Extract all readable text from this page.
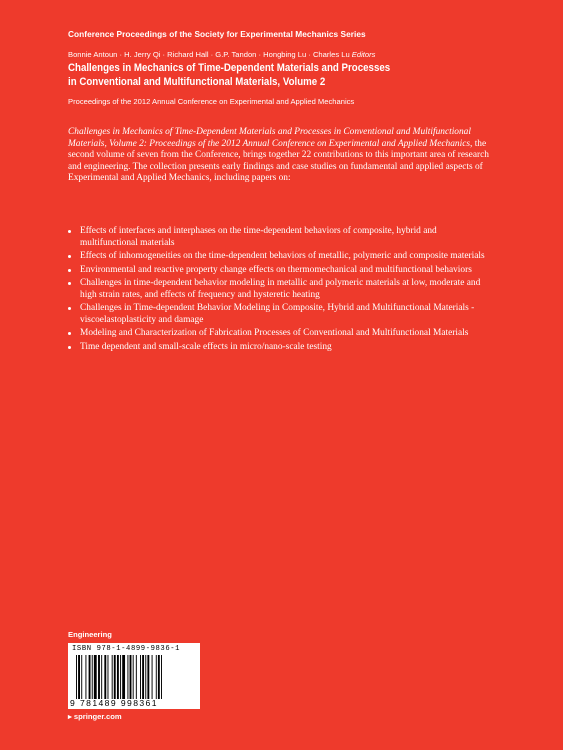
Conference Proceedings of the Society for Experimental Mechanics Series
Bonnie Antoun · H. Jerry Qi · Richard Hall · G.P. Tandon · Hongbing Lu · Charles Lu Editors
Challenges in Mechanics of Time-Dependent Materials and Processes
in Conventional and Multifunctional Materials, Volume 2
Proceedings of the 2012 Annual Conference on Experimental and Applied Mechanics

Challenges in Mechanics of Time-Dependent Materials and Processes in Conventional and Multifunctional Materials, Volume 2: Proceedings of the 2012 Annual Conference on Experimental and Applied Mechanics, the second volume of seven from the Conference, brings together 22 contributions to this important area of research and engineering. The collection presents early findings and case studies on fundamental and applied aspects of Experimental and Applied Mechanics, including papers on:

Effects of interfaces and interphases on the time-dependent behaviors of composite, hybrid and multifunctional materials
Effects of inhomogeneities on the time-dependent behaviors of metallic, polymeric and composite materials
Environmental and reactive property change effects on thermomechanical and multifunctional behaviors
Challenges in time-dependent behavior modeling in metallic and polymeric materials at low, moderate and high strain rates, and effects of frequency and hysteretic heating
Challenges in Time-dependent Behavior Modeling in Composite, Hybrid and Multifunctional Materials - viscoelastoplasticity and damage
Modeling and Characterization of Fabrication Processes of Conventional and Multifunctional Materials
Time dependent and small-scale effects in micro/nano-scale testing
Engineering
ISBN 978-1-4899-9836-1
9 781489 998361
▸ springer.com
